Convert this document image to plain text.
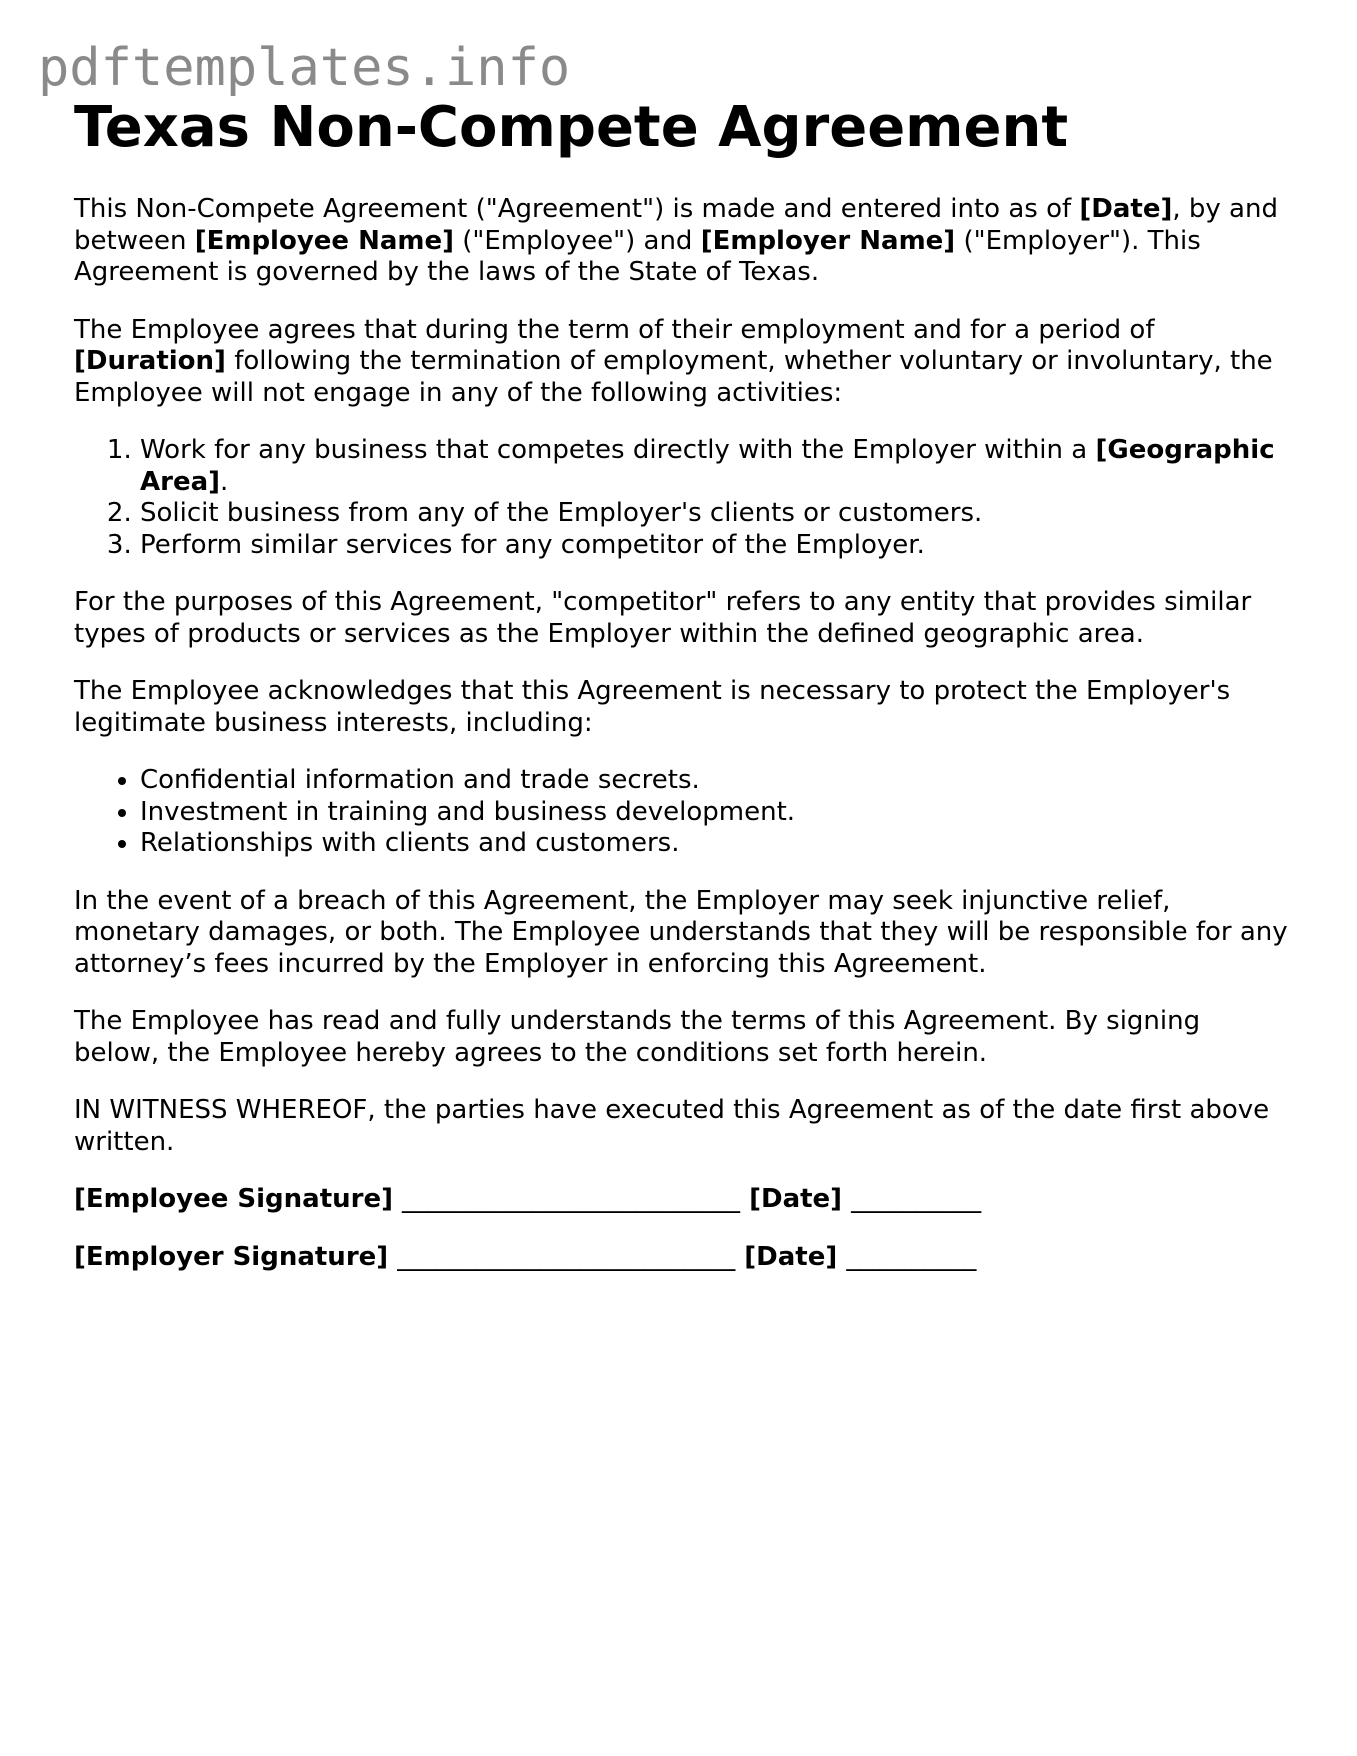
pdftemplates.info
Texas Non-Compete Agreement

This Non-Compete Agreement ("Agreement") is made and entered into as of [Date], by and between [Employee Name] ("Employee") and [Employer Name] ("Employer"). This Agreement is governed by the laws of the State of Texas.

The Employee agrees that during the term of their employment and for a period of [Duration] following the termination of employment, whether voluntary or involuntary, the Employee will not engage in any of the following activities:

1. Work for any business that competes directly with the Employer within a [Geographic Area].
2. Solicit business from any of the Employer's clients or customers.
3. Perform similar services for any competitor of the Employer.

For the purposes of this Agreement, "competitor" refers to any entity that provides similar types of products or services as the Employer within the defined geographic area.

The Employee acknowledges that this Agreement is necessary to protect the Employer's legitimate business interests, including:

• Confidential information and trade secrets.
• Investment in training and business development.
• Relationships with clients and customers.

In the event of a breach of this Agreement, the Employer may seek injunctive relief, monetary damages, or both. The Employee understands that they will be responsible for any attorney’s fees incurred by the Employer in enforcing this Agreement.

The Employee has read and fully understands the terms of this Agreement. By signing below, the Employee hereby agrees to the conditions set forth herein.

IN WITNESS WHEREOF, the parties have executed this Agreement as of the date first above written.

[Employee Signature] __________________________ [Date] __________

[Employer Signature] __________________________ [Date] __________
